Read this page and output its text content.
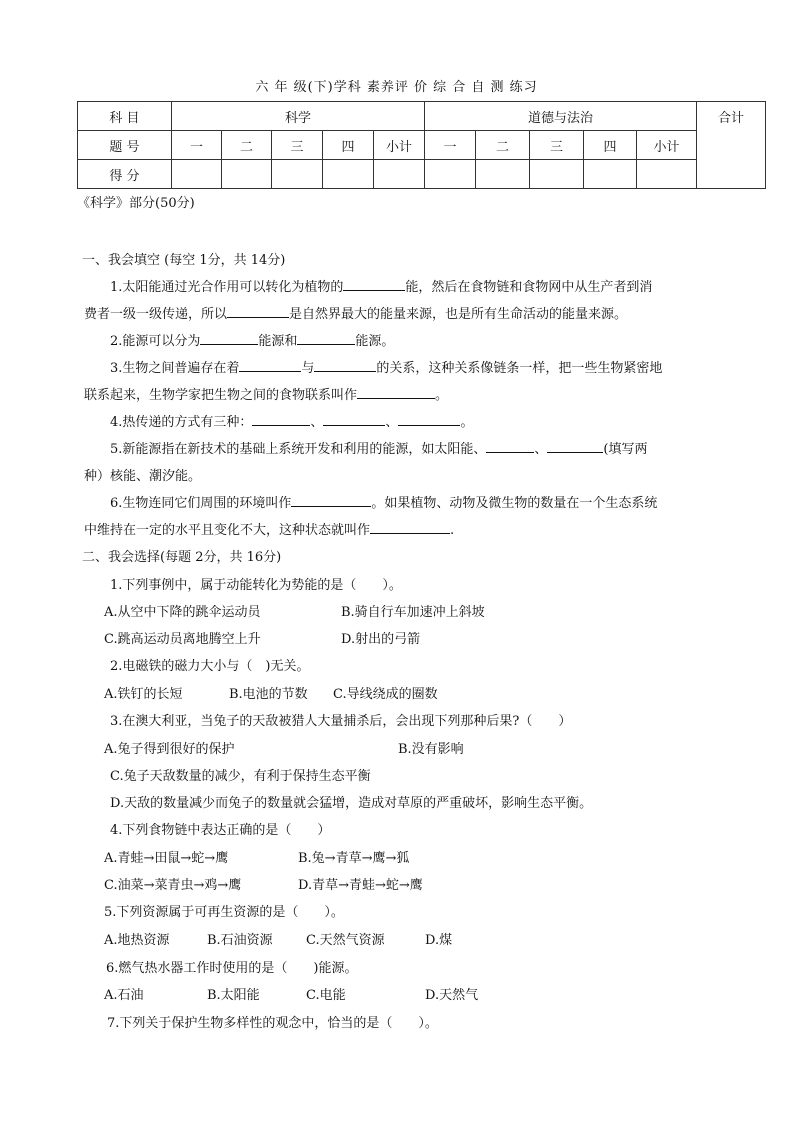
六 年 级(下)学科 素养评 价 综 合 自 测 练习
科 目	科学					道德与法治					合计
题 号	一	二	三	四	小计	一	二	三	四	小计	
得 分											
《科学》部分(50分)
一、我会填空 (每空 1分，共 14分)
1.太阳能通过光合作用可以转化为植物的	能，然后在食物链和食物网中从生产者到消
费者一级一级传递，所以	是自然界最大的能量来源，也是所有生命活动的能量来源。
2.能源可以分为	能源和	能源。
3.生物之间普遍存在着	与	的关系，这种关系像链条一样，把一些生物紧密地
联系起来，生物学家把生物之间的食物联系叫作	。
4.热传递的方式有三种：	、	、	。
5.新能源指在新技术的基础上系统开发和利用的能源，如太阳能、	、	(填写两
种）核能、潮汐能。
6.生物连同它们周围的环境叫作	。如果植物、动物及微生物的数量在一个生态系统
中维持在一定的水平且变化不大，这种状态就叫作	.
二、我会选择(每题 2分，共 16分)
1.下列事例中，属于动能转化为势能的是（　　）。
A.从空中下降的跳伞运动员	B.骑自行车加速冲上斜坡
C.跳高运动员离地腾空上升	D.射出的弓箭
2.电磁铁的磁力大小与（　)无关。
A.铁钉的长短	B.电池的节数 C.导线绕成的圈数
3.在澳大利亚，当兔子的天敌被猎人大量捕杀后，会出现下列那种后果?（　　）
A.兔子得到很好的保护	B.没有影响
C.兔子天敌数量的减少，有利于保持生态平衡
D.天敌的数量减少而兔子的数量就会猛增，造成对草原的严重破坏，影响生态平衡。
4.下列食物链中表达正确的是（　　）
A.青蛙→田鼠→蛇→鹰	B.兔→青草→鹰→狐
C.油菜→菜青虫→鸡→鹰	D.青草→青蛙→蛇→鹰
5.下列资源属于可再生资源的是（　　）。
A.地热资源	B.石油资源	C.天然气资源	D.煤
6.燃气热水器工作时使用的是（　　)能源。
A.石油	B.太阳能	C.电能	D.天然气
7.下列关于保护生物多样性的观念中，恰当的是（　　）。
